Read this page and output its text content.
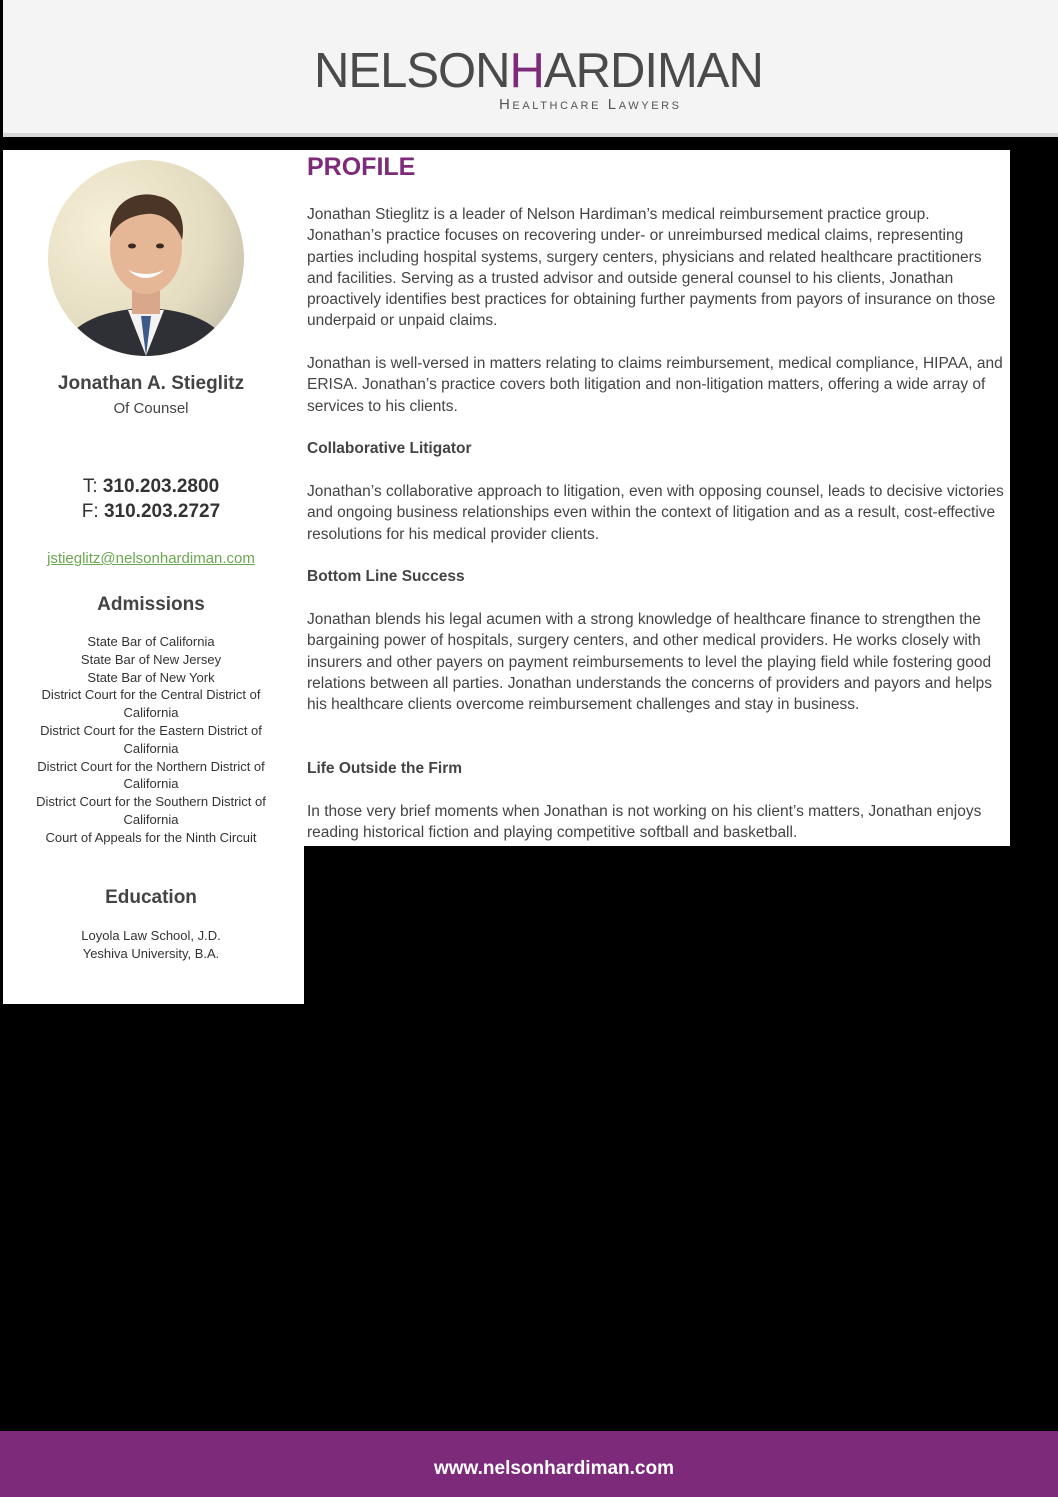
NELSONHARDIMAN
Healthcare Lawyers
Jonathan A. Stieglitz
Of Counsel
T: 310.203.2800
F: 310.203.2727
jstieglitz@nelsonhardiman.com
Admissions
State Bar of California
State Bar of New Jersey
State Bar of New York
District Court for the Central District of California
District Court for the Eastern District of California
District Court for the Northern District of California
District Court for the Southern District of California
Court of Appeals for the Ninth Circuit
Education
Loyola Law School, J.D.
Yeshiva University, B.A.
PROFILE

Jonathan Stieglitz is a leader of Nelson Hardiman’s medical reimbursement practice group. Jonathan’s practice focuses on recovering under- or unreimbursed medical claims, representing parties including hospital systems, surgery centers, physicians and related healthcare practitioners and facilities. Serving as a trusted advisor and outside general counsel to his clients, Jonathan proactively identifies best practices for obtaining further payments from payors of insurance on those underpaid or unpaid claims.

Jonathan is well-versed in matters relating to claims reimbursement, medical compliance, HIPAA, and ERISA. Jonathan’s practice covers both litigation and non-litigation matters, offering a wide array of services to his clients.

Collaborative Litigator

Jonathan’s collaborative approach to litigation, even with opposing counsel, leads to decisive victories and ongoing business relationships even within the context of litigation and as a result, cost-effective resolutions for his medical provider clients.

Bottom Line Success

Jonathan blends his legal acumen with a strong knowledge of healthcare finance to strengthen the bargaining power of hospitals, surgery centers, and other medical providers. He works closely with insurers and other payers on payment reimbursements to level the playing field while fostering good relations between all parties. Jonathan understands the concerns of providers and payors and helps his healthcare clients overcome reimbursement challenges and stay in business.

Life Outside the Firm

In those very brief moments when Jonathan is not working on his client’s matters, Jonathan enjoys reading historical fiction and playing competitive softball and basketball.

www.nelsonhardiman.com
